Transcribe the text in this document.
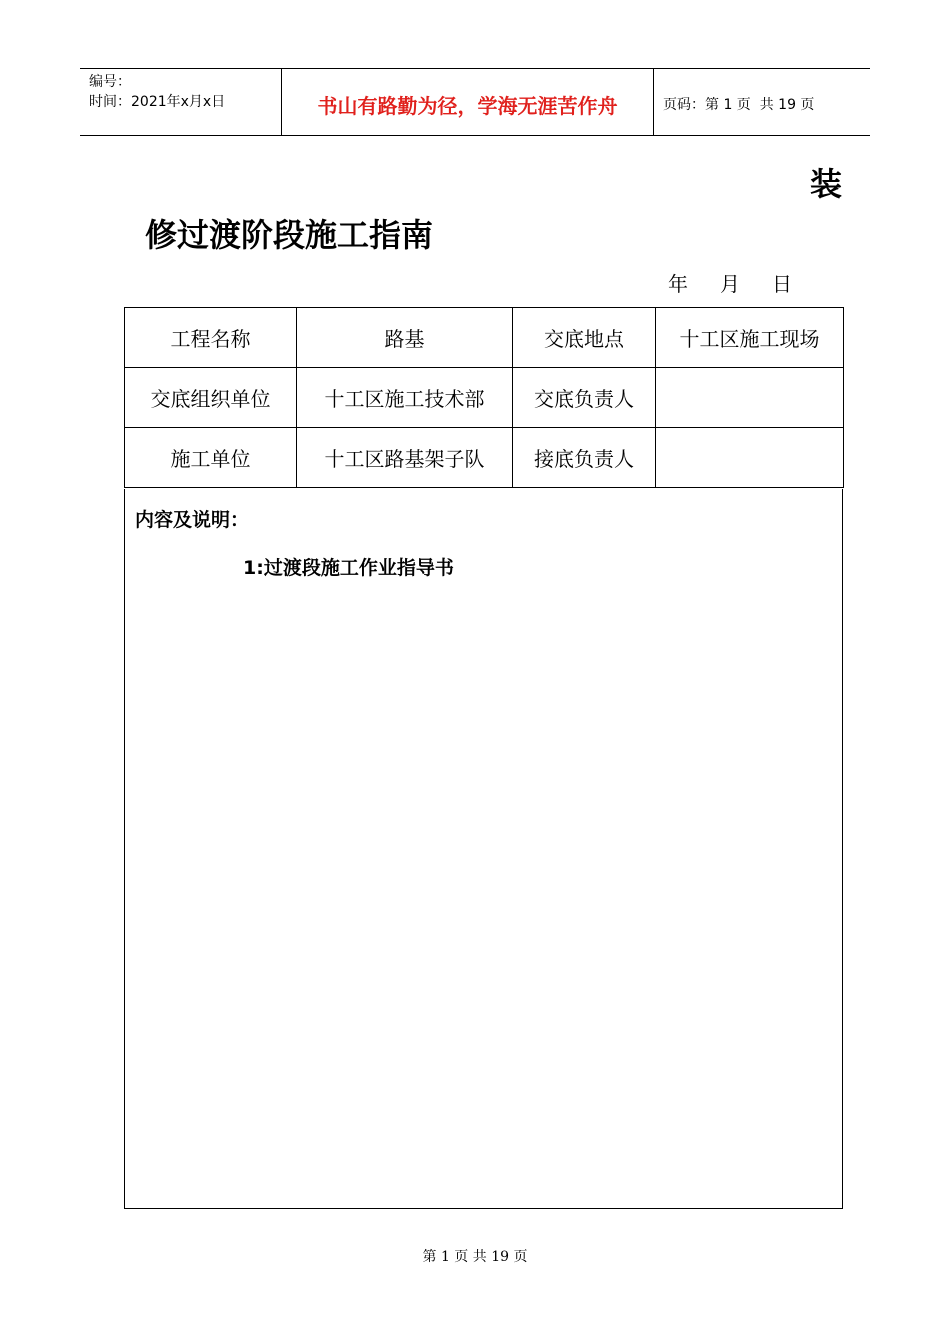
编号：
时间：2021年x月x日	书山有路勤为径，学海无涯苦作舟	页码：第 1 页  共 19 页
装
修过渡阶段施工指南
年 月 日
工程名称	路基	交底地点	十工区施工现场
交底组织单位	十工区施工技术部	交底负责人	
施工单位	十工区路基架子队	接底负责人	
内容及说明：
1:过渡段施工作业指导书
第 1 页 共 19 页
